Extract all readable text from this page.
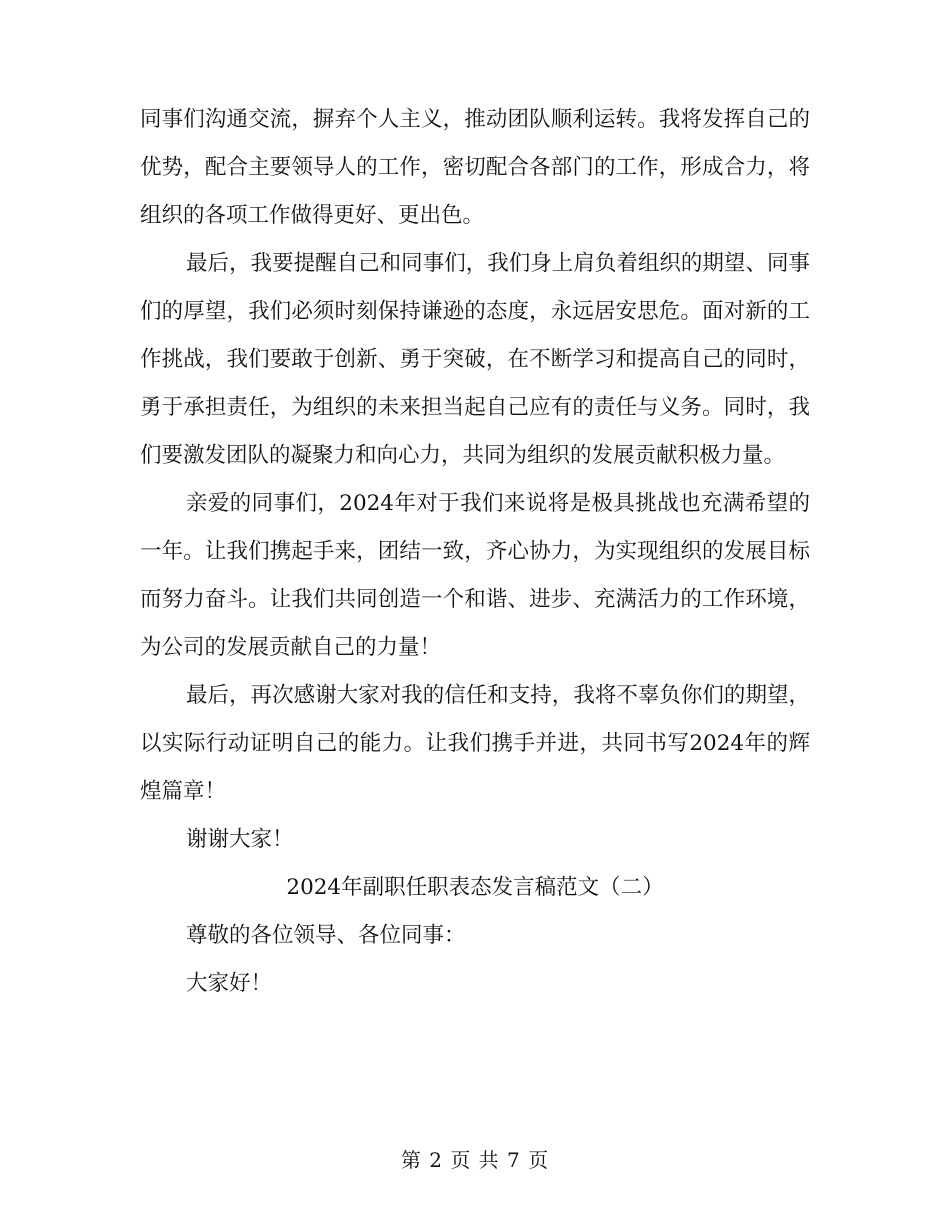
同事们沟通交流，摒弃个人主义，推动团队顺利运转。我将发挥自己的优势，配合主要领导人的工作，密切配合各部门的工作，形成合力，将组织的各项工作做得更好、更出色。

最后，我要提醒自己和同事们，我们身上肩负着组织的期望、同事们的厚望，我们必须时刻保持谦逊的态度，永远居安思危。面对新的工作挑战，我们要敢于创新、勇于突破，在不断学习和提高自己的同时，勇于承担责任，为组织的未来担当起自己应有的责任与义务。同时，我们要激发团队的凝聚力和向心力，共同为组织的发展贡献积极力量。

亲爱的同事们，2024年对于我们来说将是极具挑战也充满希望的一年。让我们携起手来，团结一致，齐心协力，为实现组织的发展目标而努力奋斗。让我们共同创造一个和谐、进步、充满活力的工作环境，为公司的发展贡献自己的力量！

最后，再次感谢大家对我的信任和支持，我将不辜负你们的期望，以实际行动证明自己的能力。让我们携手并进，共同书写2024年的辉煌篇章！

谢谢大家！

2024年副职任职表态发言稿范文（二）

尊敬的各位领导、各位同事：

大家好！

第 2 页 共 7 页
